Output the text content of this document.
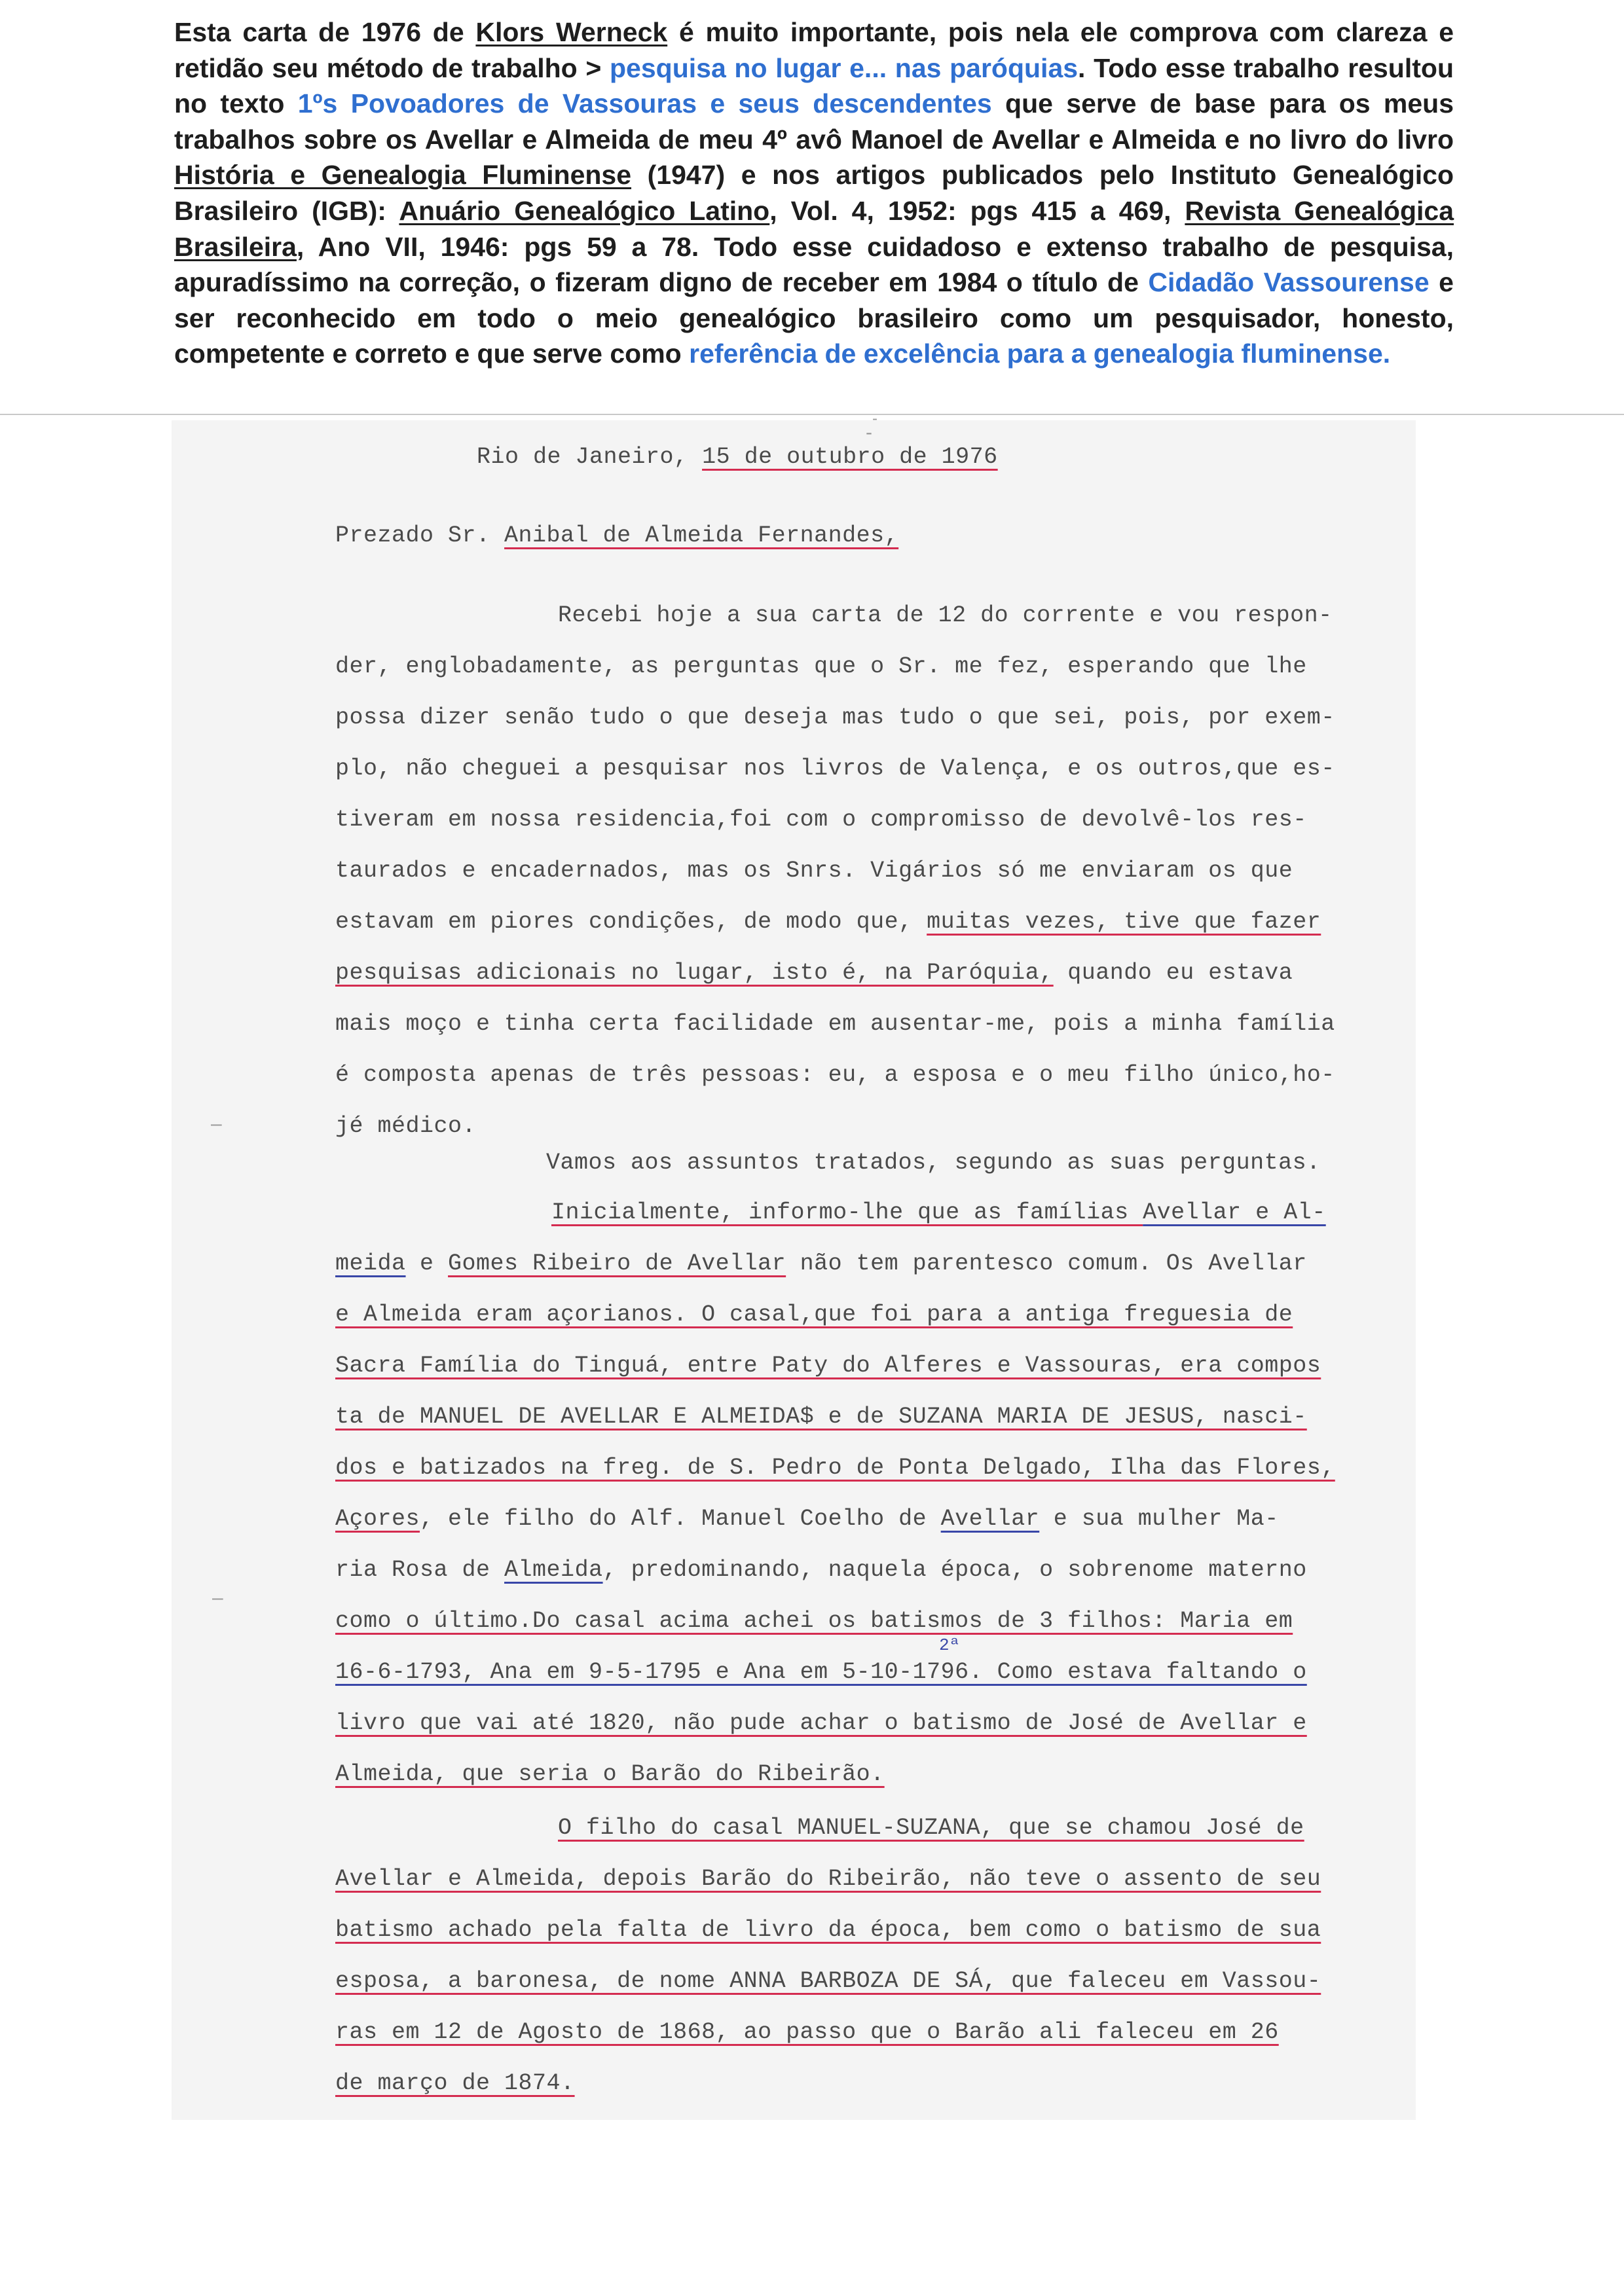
Esta carta de 1976 de Klors Werneck é muito importante, pois nela ele comprova com clareza e retidão seu método de trabalho > pesquisa no lugar e... nas paróquias. Todo esse trabalho resultou no texto 1ºs Povoadores de Vassouras e seus descendentes que serve de base para os meus trabalhos sobre os Avellar e Almeida de meu 4º avô Manoel de Avellar e Almeida e no livro do livro História e Genealogia Fluminense (1947) e nos artigos publicados pelo Instituto Genealógico Brasileiro (IGB): Anuário Genealógico Latino, Vol. 4, 1952: pgs 415 a 469, Revista Genealógica Brasileira, Ano VII, 1946: pgs 59 a 78. Todo esse cuidadoso e extenso trabalho de pesquisa, apuradíssimo na correção, o fizeram digno de receber em 1984 o título de Cidadão Vassourense e ser reconhecido em todo o meio genealógico brasileiro como um pesquisador, honesto, competente e correto e que serve como referência de excelência para a genealogia fluminense.
-
-
Rio de Janeiro, 15 de outubro de 1976
Prezado Sr. Anibal de Almeida Fernandes,
Recebi hoje a sua carta de 12 do corrente e vou respon-
der, englobadamente, as perguntas que o Sr. me fez, esperando que lhe
possa dizer senão tudo o que deseja mas tudo o que sei, pois, por exem-
plo, não cheguei a pesquisar nos livros de Valença, e os outros,que es-
tiveram em nossa residencia,foi com o compromisso de devolvê-los res-
taurados e encadernados, mas os Snrs. Vigários só me enviaram os que
estavam em piores condições, de modo que, muitas vezes, tive que fazer
pesquisas adicionais no lugar, isto é, na Paróquia, quando eu estava
mais moço e tinha certa facilidade em ausentar-me, pois a minha família
é composta apenas de três pessoas: eu, a esposa e o meu filho único,ho-
jé médico.
Vamos aos assuntos tratados, segundo as suas perguntas.
Inicialmente, informo-lhe que as famílias Avellar e Al-
meida e Gomes Ribeiro de Avellar não tem parentesco comum. Os Avellar
e Almeida eram açorianos. O casal,que foi para a antiga freguesia de
Sacra Família do Tinguá, entre Paty do Alferes e Vassouras, era compos
ta de MANUEL DE AVELLAR E ALMEIDA$ e de SUZANA MARIA DE JESUS, nasci-
dos e batizados na freg. de S. Pedro de Ponta Delgado, Ilha das Flores,
Açores, ele filho do Alf. Manuel Coelho de Avellar e sua mulher Ma-
ria Rosa de Almeida, predominando, naquela época, o sobrenome materno
como o último.Do casal acima achei os batismos de 3 filhos: Maria em
2ª
16-6-1793, Ana em 9-5-1795 e Ana em 5-10-1796. Como estava faltando o
livro que vai até 1820, não pude achar o batismo de José de Avellar e
Almeida, que seria o Barão do Ribeirão.
O filho do casal MANUEL-SUZANA, que se chamou José de
Avellar e Almeida, depois Barão do Ribeirão, não teve o assento de seu
batismo achado pela falta de livro da época, bem como o batismo de sua
esposa, a baronesa, de nome ANNA BARBOZA DE SÁ, que faleceu em Vassou-
ras em 12 de Agosto de 1868, ao passo que o Barão ali faleceu em 26
de março de 1874.
–
–
